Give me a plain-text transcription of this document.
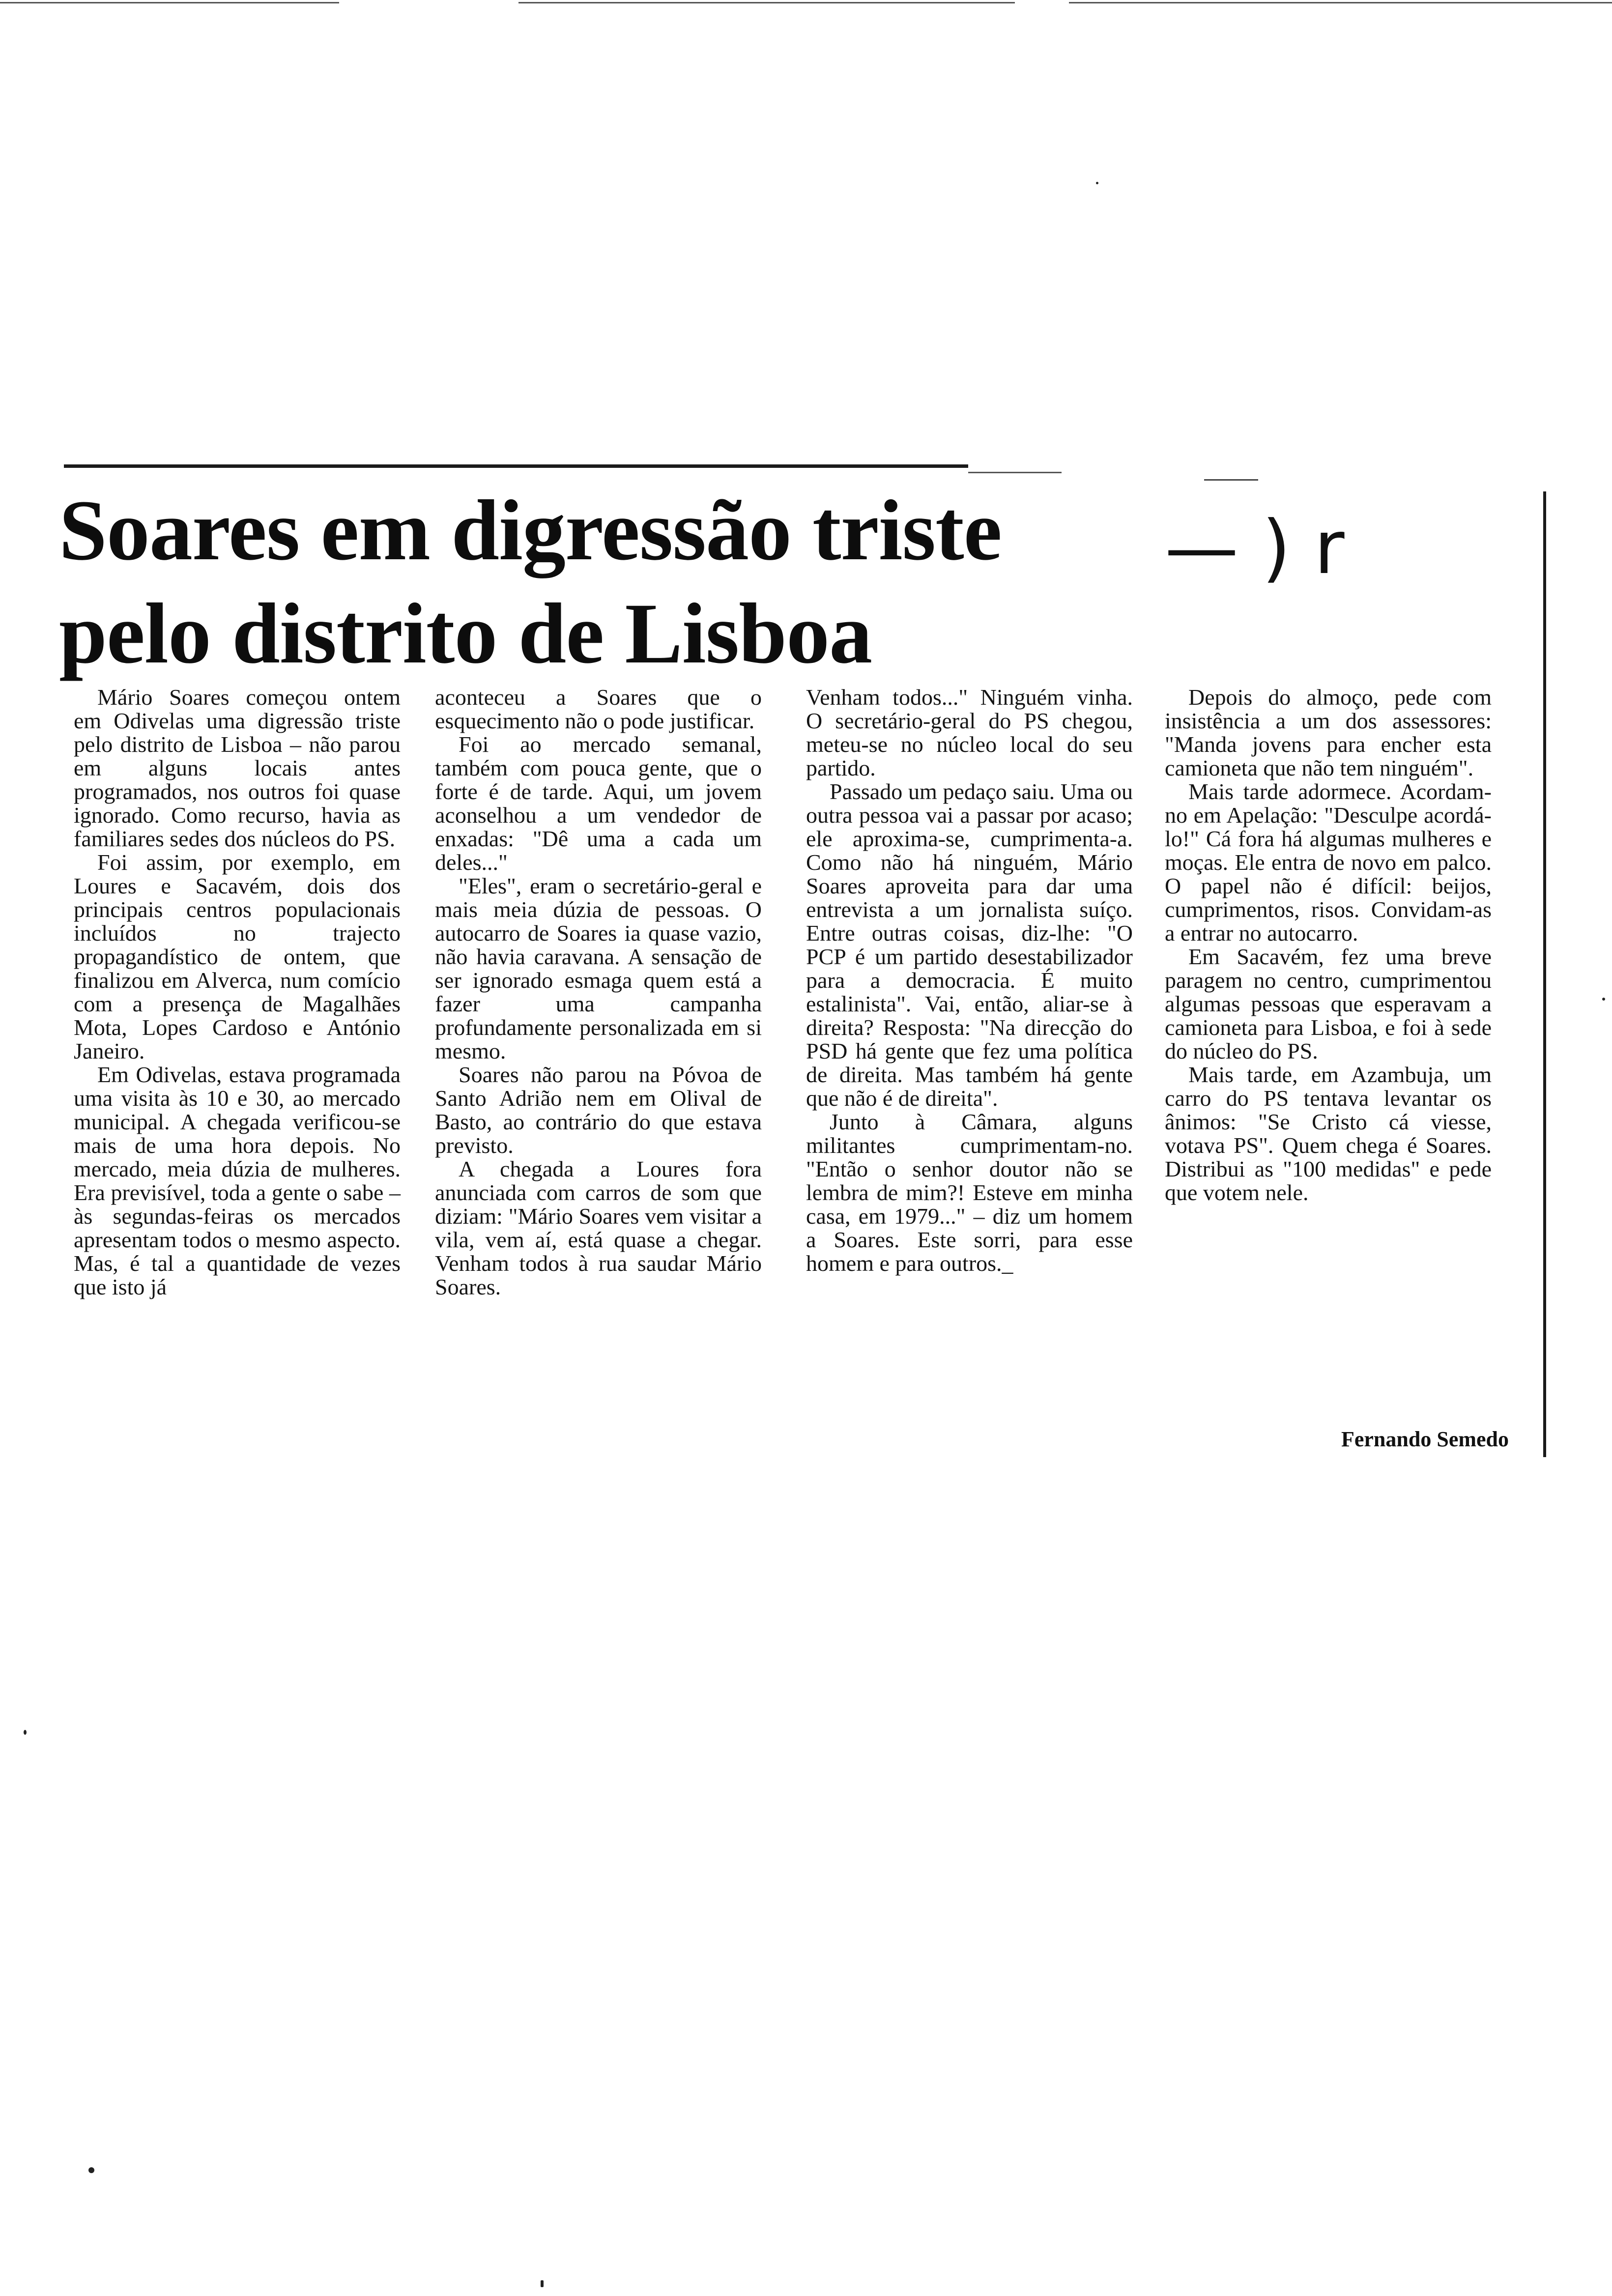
Soares em digressão triste
pelo distrito de Lisboa
— ) r

Mário Soares começou ontem em Odivelas uma digressão triste pelo distrito de Lisboa – não parou em alguns locais antes programados, nos outros foi quase ignorado. Como recurso, havia as familiares sedes dos núcleos do PS.

Foi assim, por exemplo, em Loures e Sacavém, dois dos principais centros populacionais incluídos no trajecto propagandístico de ontem, que finalizou em Alverca, num comício com a presença de Magalhães Mota, Lopes Cardoso e António Janeiro.

Em Odivelas, estava programada uma visita às 10 e 30, ao mercado municipal. A chegada verificou-se mais de uma hora depois. No mercado, meia dúzia de mulheres. Era previsível, toda a gente o sabe – às segundas-feiras os mercados apresentam todos o mesmo aspecto. Mas, é tal a quantidade de vezes que isto já

aconteceu a Soares que o esquecimento não o pode justificar.

Foi ao mercado semanal, também com pouca gente, que o forte é de tarde. Aqui, um jovem aconselhou a um vendedor de enxadas: "Dê uma a cada um deles..."

"Eles", eram o secretário-geral e mais meia dúzia de pessoas. O autocarro de Soares ia quase vazio, não havia caravana. A sensação de ser ignorado esmaga quem está a fazer uma campanha profundamente personalizada em si mesmo.

Soares não parou na Póvoa de Santo Adrião nem em Olival de Basto, ao contrário do que estava previsto.

A chegada a Loures fora anunciada com carros de som que diziam: "Mário Soares vem visitar a vila, vem aí, está quase a chegar. Venham todos à rua saudar Mário Soares.

Venham todos..." Ninguém vinha. O secretário-geral do PS chegou, meteu-se no núcleo local do seu partido.

Passado um pedaço saiu. Uma ou outra pessoa vai a passar por acaso; ele aproxima-se, cumprimenta-a. Como não há ninguém, Mário Soares aproveita para dar uma entrevista a um jornalista suíço. Entre outras coisas, diz-lhe: "O PCP é um partido desestabilizador para a democracia. É muito estalinista". Vai, então, aliar-se à direita? Resposta: "Na direcção do PSD há gente que fez uma política de direita. Mas também há gente que não é de direita".

Junto à Câmara, alguns militantes cumprimentam-no. "Então o senhor doutor não se lembra de mim?! Esteve em minha casa, em 1979..." – diz um homem a Soares. Este sorri, para esse homem e para outros._

Depois do almoço, pede com insistência a um dos assessores: "Manda jovens para encher esta camioneta que não tem ninguém".

Mais tarde adormece. Acordam-no em Apelação: "Desculpe acordá-lo!" Cá fora há algumas mulheres e moças. Ele entra de novo em palco. O papel não é difícil: beijos, cumprimentos, risos. Convidam-as a entrar no autocarro.

Em Sacavém, fez uma breve paragem no centro, cumprimentou algumas pessoas que esperavam a camioneta para Lisboa, e foi à sede do núcleo do PS.

Mais tarde, em Azambuja, um carro do PS tentava levantar os ânimos: "Se Cristo cá viesse, votava PS". Quem chega é Soares. Distribui as "100 medidas" e pede que votem nele.

Fernando Semedo
